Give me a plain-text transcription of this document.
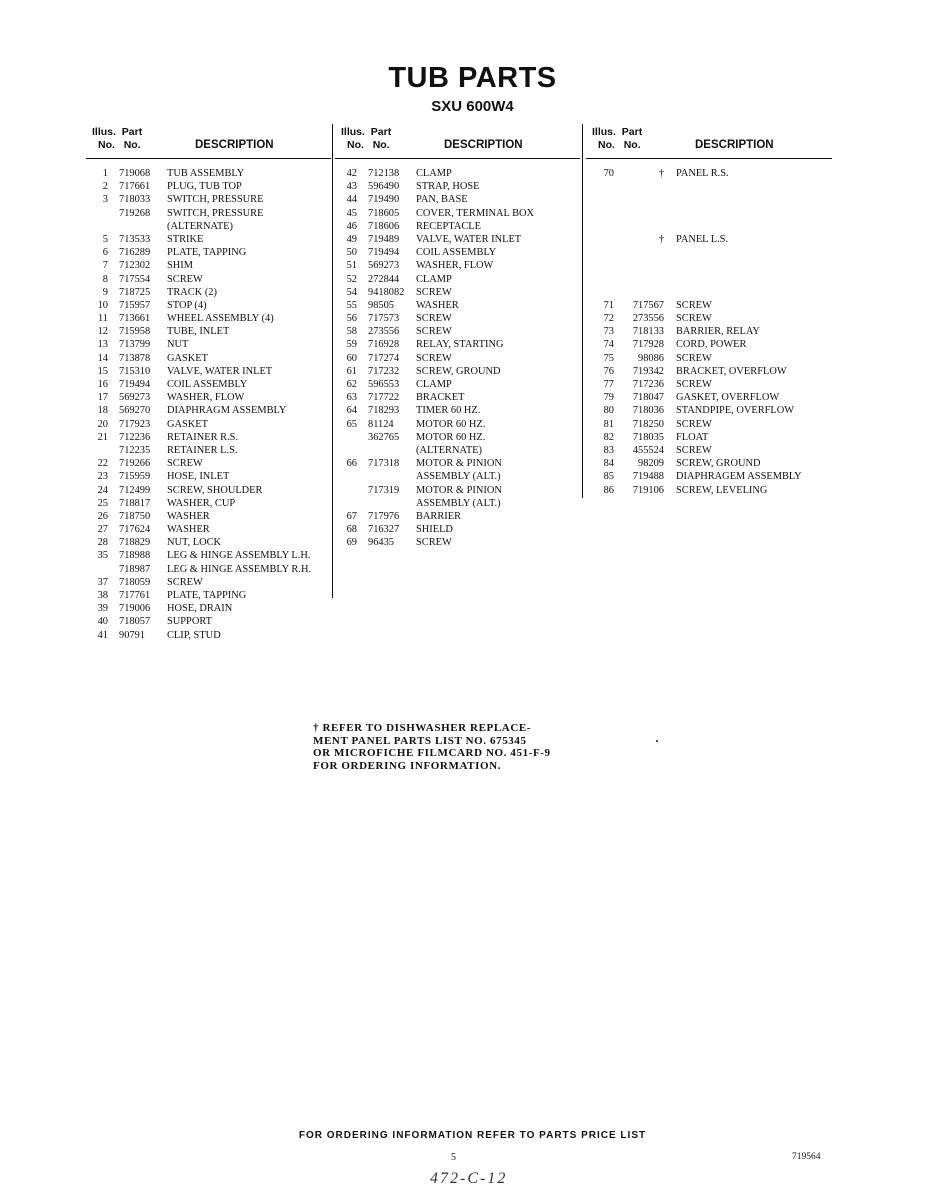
TUB PARTS
SXU 600W4
Illus. Part
No. No.	DESCRIPTION
1 719068 TUB ASSEMBLY
2 717661 PLUG, TUB TOP
3 718033 SWITCH, PRESSURE
719268 SWITCH, PRESSURE
(ALTERNATE)
5 713533 STRIKE
6 716289 PLATE, TAPPING
7 712302 SHIM
8 717554 SCREW
9 718725 TRACK (2)
10 715957 STOP (4)
11 713661 WHEEL ASSEMBLY (4)
12 715958 TUBE, INLET
13 713799 NUT
14 713878 GASKET
15 715310 VALVE, WATER INLET
16 719494 COIL ASSEMBLY
17 569273 WASHER, FLOW
18 569270 DIAPHRAGM ASSEMBLY
20 717923 GASKET
21 712236 RETAINER R.S.
712235 RETAINER L.S.
22 719266 SCREW
23 715959 HOSE, INLET
24 712499 SCREW, SHOULDER
25 718817 WASHER, CUP
26 718750 WASHER
27 717624 WASHER
28 718829 NUT, LOCK
35 718988 LEG & HINGE ASSEMBLY L.H.
718987 LEG & HINGE ASSEMBLY R.H.
37 718059 SCREW
38 717761 PLATE, TAPPING
39 719006 HOSE, DRAIN
40 718057 SUPPORT
41 90791 CLIP, STUD
Illus. Part
No. No.	DESCRIPTION
42 712138 CLAMP
43 596490 STRAP, HOSE
44 719490 PAN, BASE
45 718605 COVER, TERMINAL BOX
46 718606 RECEPTACLE
49 719489 VALVE, WATER INLET
50 719494 COIL ASSEMBLY
51 569273 WASHER, FLOW
52 272844 CLAMP
54 9418082 SCREW
55 98505 WASHER
56 717573 SCREW
58 273556 SCREW
59 716928 RELAY, STARTING
60 717274 SCREW
61 717232 SCREW, GROUND
62 596553 CLAMP
63 717722 BRACKET
64 718293 TIMER 60 HZ.
65 81124 MOTOR 60 HZ.
362765 MOTOR 60 HZ.
(ALTERNATE)
66 717318 MOTOR & PINION
ASSEMBLY (ALT.)
717319 MOTOR & PINION
ASSEMBLY (ALT.)
67 717976 BARRIER
68 716327 SHIELD
69 96435 SCREW
Illus. Part
No. No.	DESCRIPTION
70	† PANEL R.S.
† PANEL L.S.
71	717567 SCREW
72	273556 SCREW
73	718133 BARRIER, RELAY
74	717928 CORD, POWER
75	98086 SCREW
76	719342 BRACKET, OVERFLOW
77	717236 SCREW
79	718047 GASKET, OVERFLOW
80	718036 STANDPIPE, OVERFLOW
81	718250 SCREW
82	718035 FLOAT
83	455524 SCREW
84	98209 SCREW, GROUND
85	719488 DIAPHRAGEM ASSEMBLY
86	719106 SCREW, LEVELING
† REFER TO DISHWASHER REPLACE-
MENT PANEL PARTS LIST NO. 675345
OR MICROFICHE FILMCARD NO. 451-F-9
FOR ORDERING INFORMATION.
FOR ORDERING INFORMATION REFER TO PARTS PRICE LIST
5	719564
472-C-12
